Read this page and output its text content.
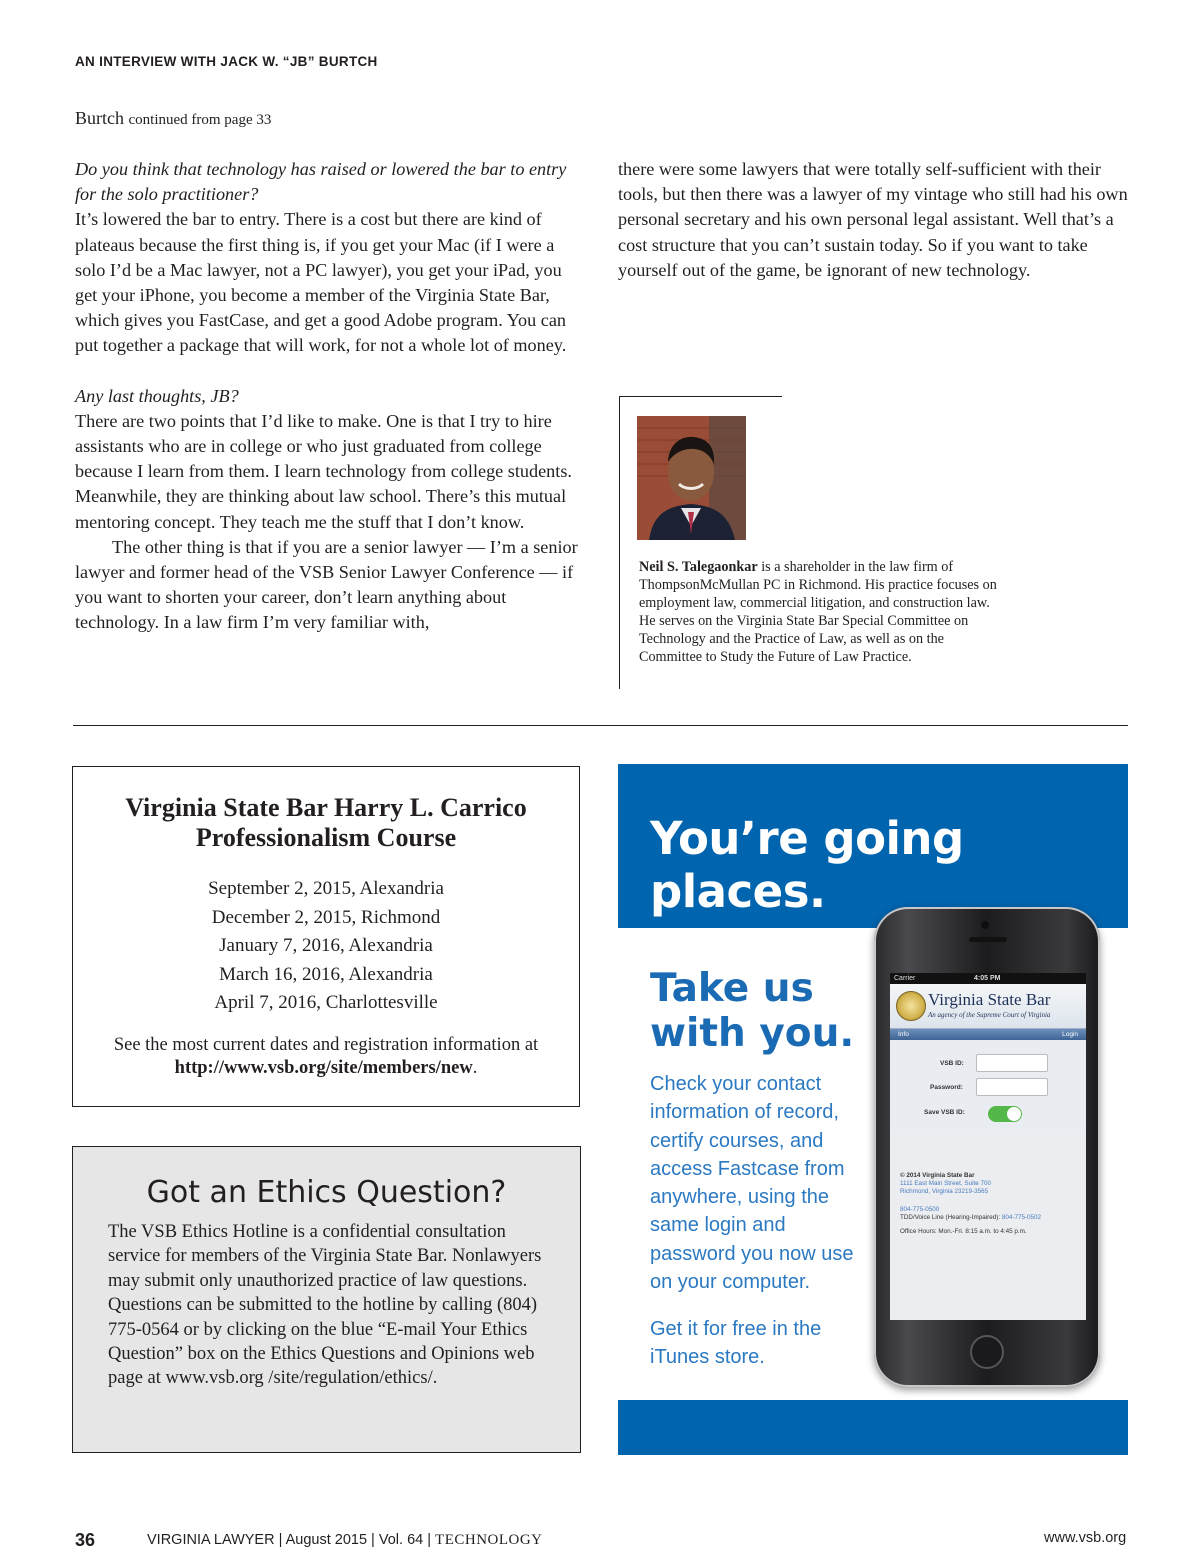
AN INTERVIEW WITH JACK W. “JB” BURTCH
Burtch continued from page 33

Do you think that technology has raised or lowered the bar to entry for the solo practitioner?

It’s lowered the bar to entry. There is a cost but there are kind of plateaus because the first thing is, if you get your Mac (if I were a solo I’d be a Mac lawyer, not a PC lawyer), you get your iPad, you get your iPhone, you become a member of the Virginia State Bar, which gives you FastCase, and get a good Adobe program. You can put together a package that will work, for not a whole lot of money.

Any last thoughts, JB?

There are two points that I’d like to make. One is that I try to hire assistants who are in college or who just graduated from college because I learn from them. I learn technology from college students. Meanwhile, they are thinking about law school. There’s this mutual mentoring concept. They teach me the stuff that I don’t know.

The other thing is that if you are a senior lawyer — I’m a senior lawyer and former head of the VSB Senior Lawyer Conference — if you want to shorten your career, don’t learn anything about technology. In a law firm I’m very familiar with,

there were some lawyers that were totally self-sufficient with their tools, but then there was a lawyer of my vintage who still had his own personal secretary and his own personal legal assistant. Well that’s a cost structure that you can’t sustain today. So if you want to take yourself out of the game, be ignorant of new technology.

Neil S. Talegaonkar is a shareholder in the law firm of ThompsonMcMullan PC in Richmond. His practice focuses on employment law, commercial litigation, and construction law. He serves on the Virginia State Bar Special Committee on Technology and the Practice of Law, as well as on the Committee to Study the Future of Law Practice.
Virginia State Bar Harry L. Carrico
Professionalism Course
September 2, 2015, Alexandria
December 2, 2015, Richmond
January 7, 2016, Alexandria
March 16, 2016, Alexandria
April 7, 2016, Charlottesville
See the most current dates and registration information at
http://www.vsb.org/site/members/new.
Got an Ethics Question?

The VSB Ethics Hotline is a confidential consultation service for members of the Virginia State Bar. Nonlawyers may submit only unauthorized practice of law questions. Questions can be submitted to the hotline by calling (804) 775-0564 or by clicking on the blue “E-mail Your Ethics Question” box on the Ethics Questions and Opinions web page at www.vsb.org /site/regulation/ethics/.

You’re going places.
Take us
with you.
Check your contact information of record, certify courses, and access Fastcase from anywhere, using the same login and password you now use on your computer.
Get it for free in the iTunes store.
Carrier	4:05 PM
Virginia State Bar
An agency of the Supreme Court of Virginia
Info	Login
VSB ID:
Password:
Save VSB ID:
© 2014 Virginia State Bar
1111 East Main Street, Suite 700
Richmond, Virginia 23219-3565
804-775-0500
TDD/Voice Line (Hearing-Impaired): 804-775-0502
Office Hours: Mon.-Fri. 8:15 a.m. to 4:45 p.m.
36	VIRGINIA LAWYER | August 2015 | Vol. 64 | TECHNOLOGY	www.vsb.org
